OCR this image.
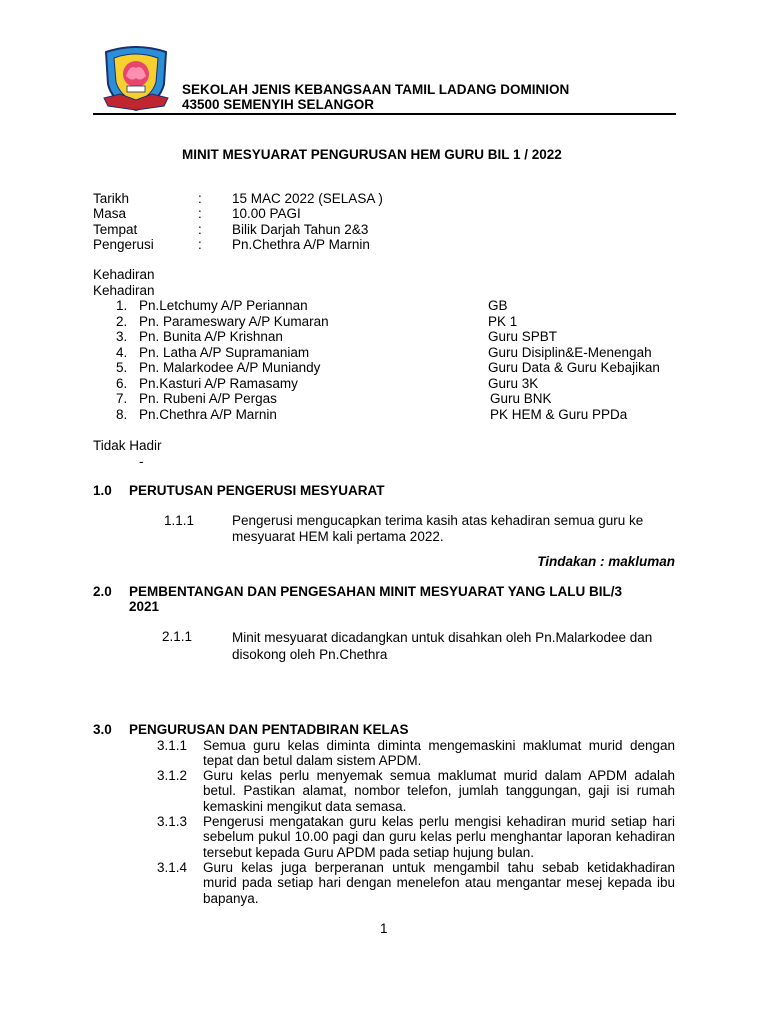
SEKOLAH JENIS KEBANGSAAN TAMIL LADANG DOMINION
43500 SEMENYIH SELANGOR
MINIT MESYUARAT PENGURUSAN HEM GURU BIL 1 / 2022
Tarikh	: 15 MAC 2022 (SELASA )
Masa	: 10.00 PAGI
Tempat	: Bilik Darjah Tahun 2&3
Pengerusi	: Pn.Chethra A/P Marnin
Kehadiran
Kehadiran
1. Pn.Letchumy A/P Periannan	GB
2. Pn. Parameswary A/P Kumaran	PK 1
3. Pn. Bunita A/P Krishnan	Guru SPBT
4. Pn. Latha A/P Supramaniam	Guru Disiplin&E-Menengah
5. Pn. Malarkodee A/P Muniandy	Guru Data & Guru Kebajikan
6. Pn.Kasturi A/P Ramasamy	Guru 3K
7. Pn. Rubeni A/P Pergas	Guru BNK
8. Pn.Chethra A/P Marnin	PK HEM & Guru PPDa
Tidak Hadir
-
1.0 PERUTUSAN PENGERUSI MESYUARAT
1.1.1	Pengerusi mengucapkan terima kasih atas kehadiran semua guru ke mesyuarat HEM kali pertama 2022.
Tindakan : makluman
2.0 PEMBENTANGAN DAN PENGESAHAN MINIT MESYUARAT YANG LALU BIL/3
2021
2.1.1	Minit mesyuarat dicadangkan untuk disahkan oleh Pn.Malarkodee dan disokong oleh Pn.Chethra
3.0 PENGURUSAN DAN PENTADBIRAN KELAS
3.1.1 Semua guru kelas diminta diminta mengemaskini maklumat murid dengan tepat dan betul dalam sistem APDM.
3.1.2 Guru kelas perlu menyemak semua maklumat murid dalam APDM adalah betul. Pastikan alamat, nombor telefon, jumlah tanggungan, gaji isi rumah kemaskini mengikut data semasa.
3.1.3 Pengerusi mengatakan guru kelas perlu mengisi kehadiran murid setiap hari sebelum pukul 10.00 pagi dan guru kelas perlu menghantar laporan kehadiran tersebut kepada Guru APDM pada setiap hujung bulan.
3.1.4 Guru kelas juga berperanan untuk mengambil tahu sebab ketidakhadiran murid pada setiap hari dengan menelefon atau mengantar mesej kepada ibu bapanya.
1
